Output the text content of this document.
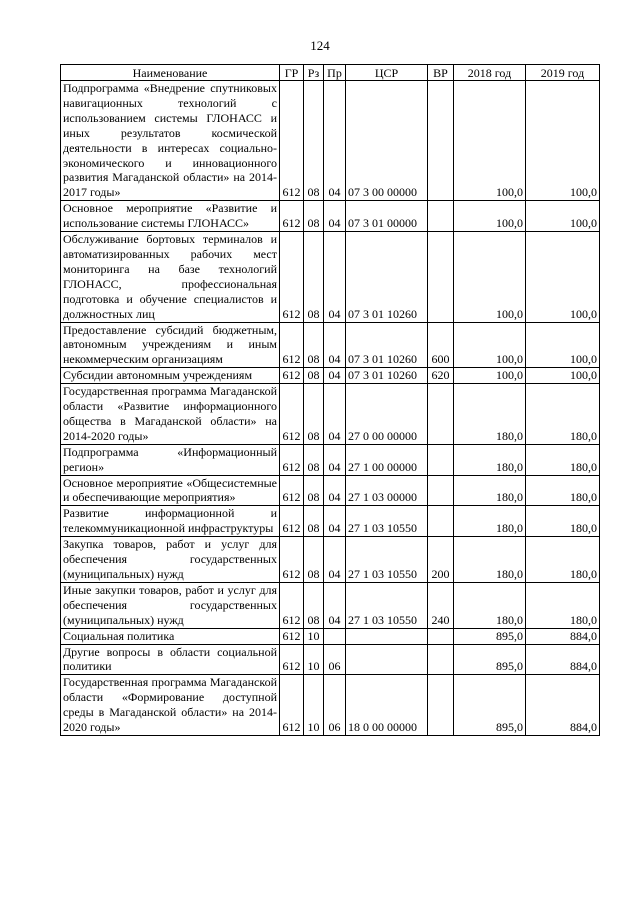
124
Наименование	ГР	Рз	Пр	ЦСР	ВР	2018 год	2019 год
Подпрограмма «Внедрение спутниковых навигационных технологий с использованием системы ГЛОНАСС и иных результатов космической деятельности в интересах социально-экономического и инновационного развития Магаданской области» на 2014-2017 годы»	612	08	04	07 3 00 00000		100,0	100,0
Основное мероприятие «Развитие и использование системы ГЛОНАСС»	612	08	04	07 3 01 00000		100,0	100,0
Обслуживание бортовых терминалов и автоматизированных рабочих мест мониторинга на базе технологий ГЛОНАСС, профессиональная подготовка и обучение специалистов и должностных лиц	612	08	04	07 3 01 10260		100,0	100,0
Предоставление субсидий бюджетным, автономным учреждениям и иным некоммерческим организациям	612	08	04	07 3 01 10260	600	100,0	100,0
Субсидии автономным учреждениям	612	08	04	07 3 01 10260	620	100,0	100,0
Государственная программа Магаданской области «Развитие информационного общества в Магаданской области» на 2014-2020 годы»	612	08	04	27 0 00 00000		180,0	180,0
Подпрограмма «Информационный регион»	612	08	04	27 1 00 00000		180,0	180,0
Основное мероприятие «Общесистемные и обеспечивающие мероприятия»	612	08	04	27 1 03 00000		180,0	180,0
Развитие информационной и телекоммуникационной инфраструктуры	612	08	04	27 1 03 10550		180,0	180,0
Закупка товаров, работ и услуг для обеспечения государственных (муниципальных) нужд	612	08	04	27 1 03 10550	200	180,0	180,0
Иные закупки товаров, работ и услуг для обеспечения государственных (муниципальных) нужд	612	08	04	27 1 03 10550	240	180,0	180,0
Социальная политика	612	10				895,0	884,0
Другие вопросы в области социальной политики	612	10	06			895,0	884,0
Государственная программа Магаданской области «Формирование доступной среды в Магаданской области» на 2014-2020 годы»	612	10	06	18 0 00 00000		895,0	884,0
